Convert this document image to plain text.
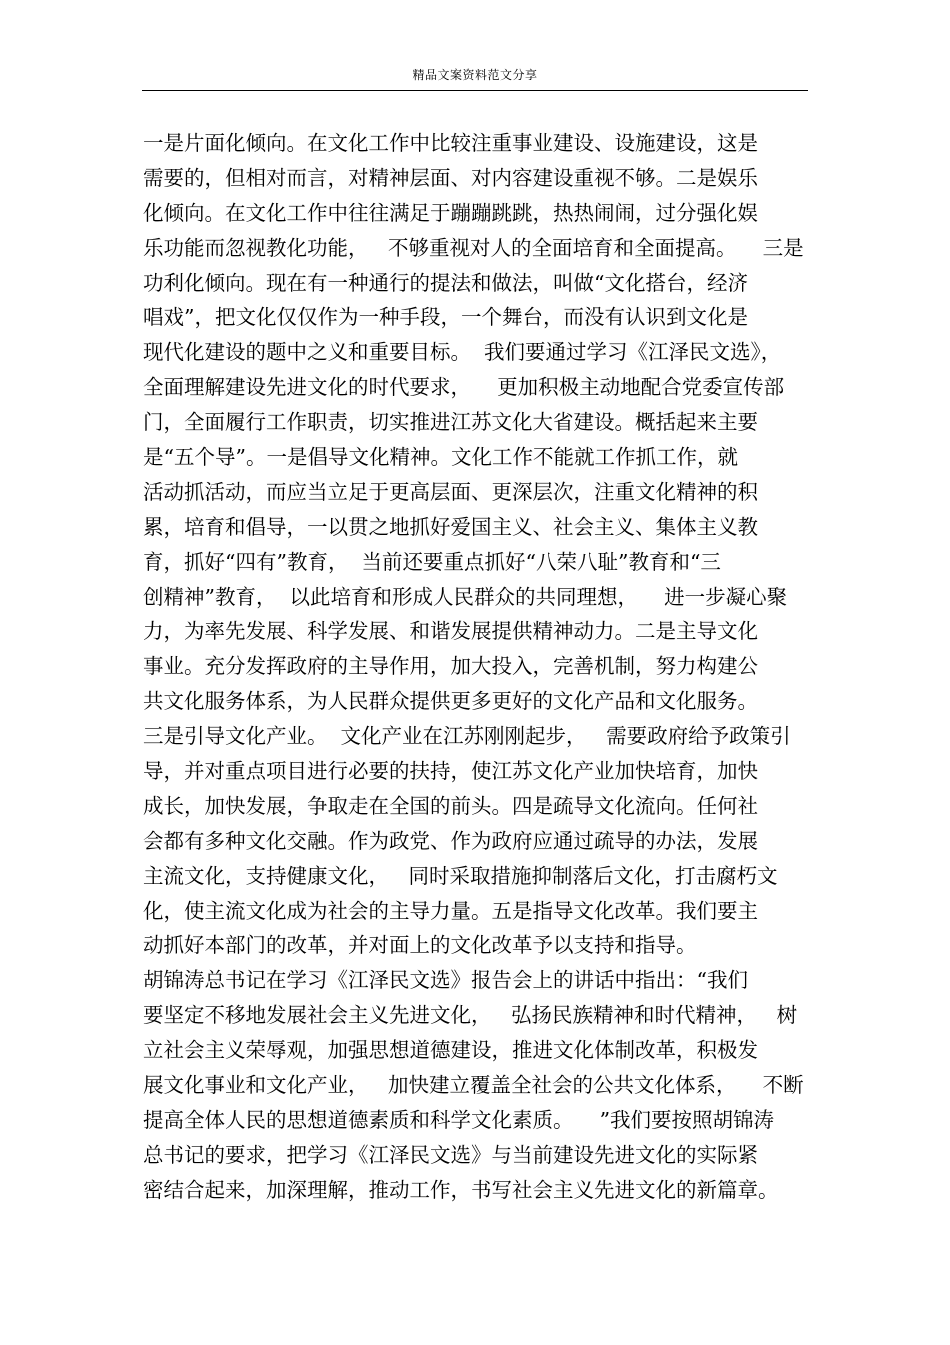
精品文案资料范文分享
一是片面化倾向。在文化工作中比较注重事业建设、设施建设，这是
需要的，但相对而言，对精神层面、对内容建设重视不够。二是娱乐
化倾向。在文化工作中往往满足于蹦蹦跳跳，热热闹闹，过分强化娱
乐功能而忽视教化功能，   不够重视对人的全面培育和全面提高。    三是
功利化倾向。现在有一种通行的提法和做法，叫做“文化搭台，经济
唱戏”，把文化仅仅作为一种手段，一个舞台，而没有认识到文化是
现代化建设的题中之义和重要目标。  我们要通过学习《江泽民文选》，
全面理解建设先进文化的时代要求，    更加积极主动地配合党委宣传部
门，全面履行工作职责，切实推进江苏文化大省建设。概括起来主要
是“五个导”。一是倡导文化精神。文化工作不能就工作抓工作，就
活动抓活动，而应当立足于更高层面、更深层次，注重文化精神的积
累，培育和倡导，一以贯之地抓好爱国主义、社会主义、集体主义教
育，抓好“四有”教育，  当前还要重点抓好“八荣八耻”教育和“三
创精神”教育，  以此培育和形成人民群众的共同理想，    进一步凝心聚
力，为率先发展、科学发展、和谐发展提供精神动力。二是主导文化
事业。充分发挥政府的主导作用，加大投入，完善机制，努力构建公
共文化服务体系，为人民群众提供更多更好的文化产品和文化服务。
三是引导文化产业。  文化产业在江苏刚刚起步，   需要政府给予政策引
导，并对重点项目进行必要的扶持，使江苏文化产业加快培育，加快
成长，加快发展，争取走在全国的前头。四是疏导文化流向。任何社
会都有多种文化交融。作为政党、作为政府应通过疏导的办法，发展
主流文化，支持健康文化，   同时采取措施抑制落后文化，打击腐朽文
化，使主流文化成为社会的主导力量。五是指导文化改革。我们要主
动抓好本部门的改革，并对面上的文化改革予以支持和指导。
胡锦涛总书记在学习《江泽民文选》报告会上的讲话中指出：“我们
要坚定不移地发展社会主义先进文化，   弘扬民族精神和时代精神，   树
立社会主义荣辱观，加强思想道德建设，推进文化体制改革，积极发
展文化事业和文化产业，   加快建立覆盖全社会的公共文化体系，    不断
提高全体人民的思想道德素质和科学文化素质。    ”我们要按照胡锦涛
总书记的要求，把学习《江泽民文选》与当前建设先进文化的实际紧
密结合起来，加深理解，推动工作，书写社会主义先进文化的新篇章。
